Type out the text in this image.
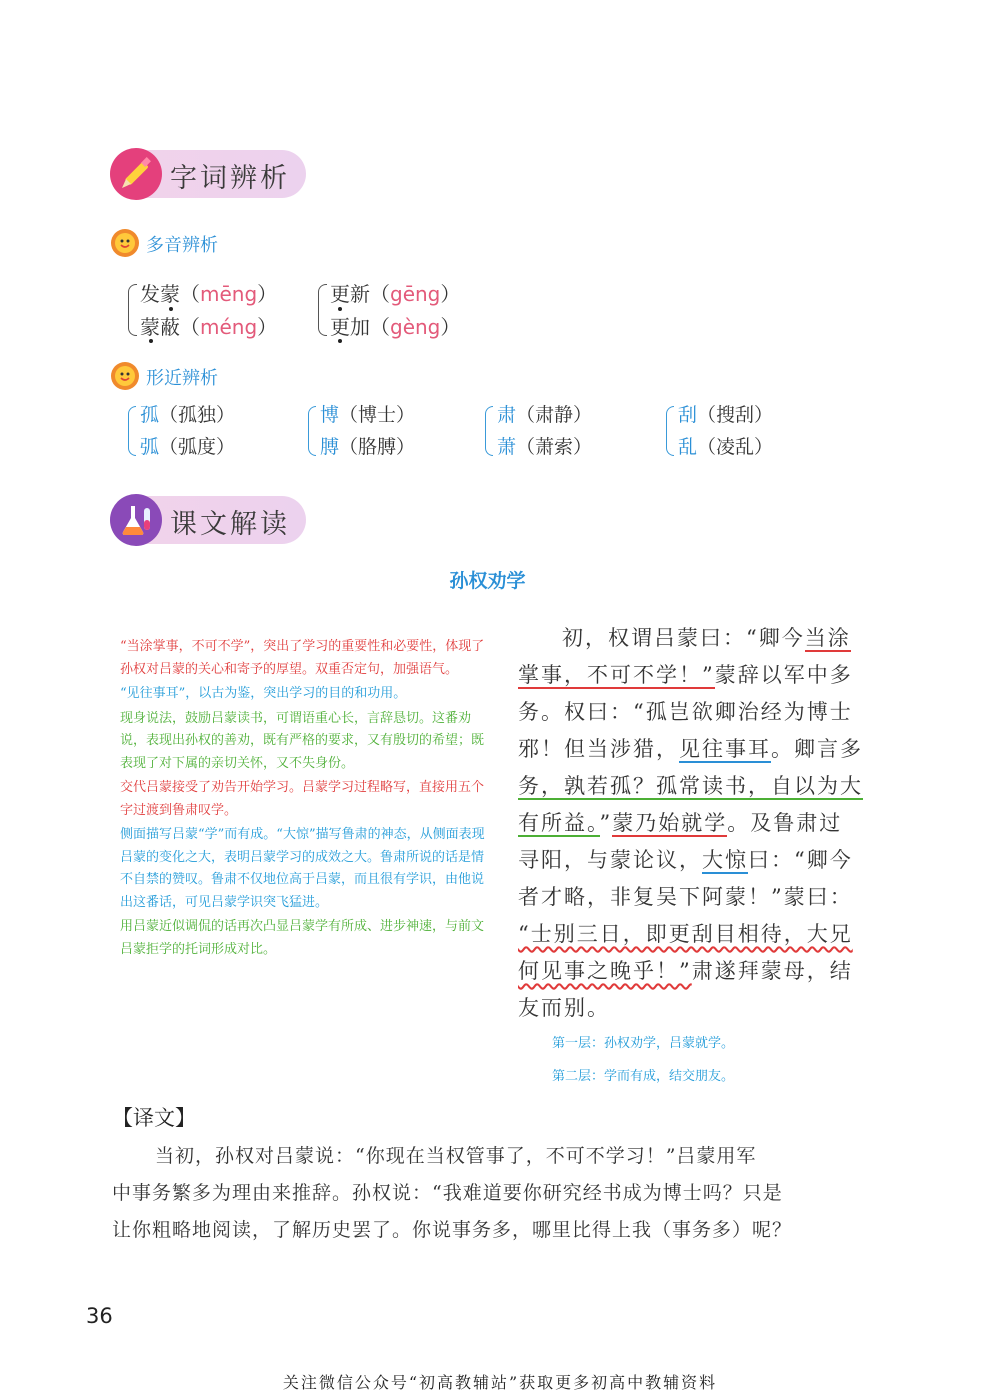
字词辨析
多音辨析
发蒙（mēng）
蒙蔽（méng）
更新（gēng）
更加（gèng）
形近辨析
孤（孤独）
弧（弧度）
博（博士）
膊（胳膊）
肃（肃静）
萧（萧索）
刮（搜刮）
乱（凌乱）
课文解读
孙权劝学

“当涂掌事，不可不学”，突出了学习的重要性和必要性，体现了孙权对吕蒙的关心和寄予的厚望。双重否定句，加强语气。

“见往事耳”，以古为鉴，突出学习的目的和功用。

现身说法，鼓励吕蒙读书，可谓语重心长，言辞恳切。这番劝说，表现出孙权的善劝，既有严格的要求，又有殷切的希望；既表现了对下属的亲切关怀，又不失身份。

交代吕蒙接受了劝告开始学习。吕蒙学习过程略写，直接用五个字过渡到鲁肃叹学。

侧面描写吕蒙“学”而有成。“大惊”描写鲁肃的神态，从侧面表现吕蒙的变化之大，表明吕蒙学习的成效之大。鲁肃所说的话是情不自禁的赞叹。鲁肃不仅地位高于吕蒙，而且很有学识，由他说出这番话，可见吕蒙学识突飞猛进。

用吕蒙近似调侃的话再次凸显吕蒙学有所成、进步神速，与前文吕蒙拒学的托词形成对比。

初，权谓吕蒙曰：“卿今当涂
掌事，不可不学！”蒙辞以军中多
务。权曰：“孤岂欲卿治经为博士
邪！但当涉猎，见往事耳。卿言多
务，孰若孤？孤常读书，自以为大
有所益。”蒙乃始就学。及鲁肃过
寻阳，与蒙论议，大惊曰：“卿今
者才略，非复吴下阿蒙！”蒙曰：
“士别三日，即更刮目相待，大兄
何见事之晚乎！”肃遂拜蒙母，结
友而别。
第一层：孙权劝学，吕蒙就学。
第二层：学而有成，结交朋友。
【译文】
当初，孙权对吕蒙说：“你现在当权管事了，不可不学习！”吕蒙用军
中事务繁多为理由来推辞。孙权说：“我难道要你研究经书成为博士吗？只是
让你粗略地阅读，了解历史罢了。你说事务多，哪里比得上我（事务多）呢？
36
关注微信公众号“初高教辅站”获取更多初高中教辅资料
